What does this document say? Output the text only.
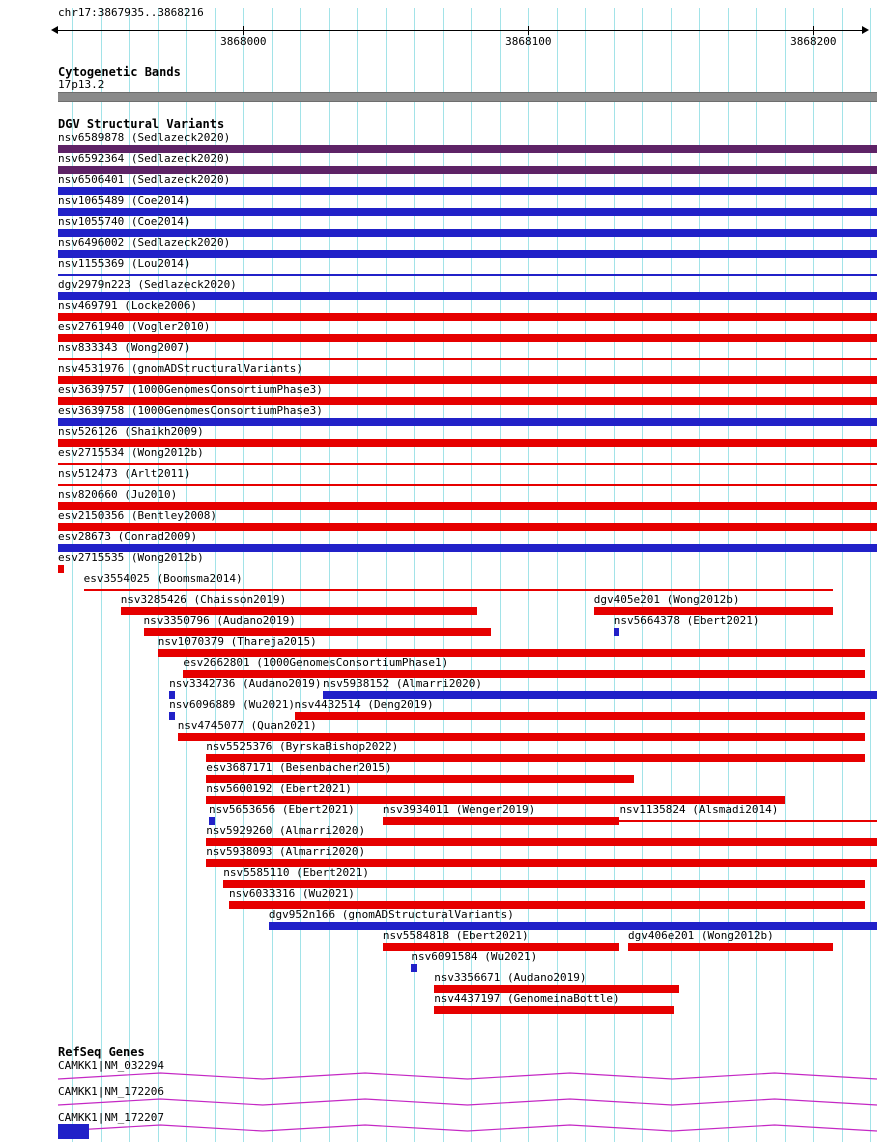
chr17:3867935..3868216
Cytogenetic Bands
17p13.2
DGV Structural Variants
RefSeq Genes
3868000	3868100	3868200
nsv6589878 (Sedlazeck2020)
nsv6592364 (Sedlazeck2020)
nsv6506401 (Sedlazeck2020)
nsv1065489 (Coe2014)
nsv1055740 (Coe2014)
nsv6496002 (Sedlazeck2020)
nsv1155369 (Lou2014)
dgv2979n223 (Sedlazeck2020)
nsv469791 (Locke2006)
esv2761940 (Vogler2010)
nsv833343 (Wong2007)
nsv4531976 (gnomADStructuralVariants)
esv3639757 (1000GenomesConsortiumPhase3)
esv3639758 (1000GenomesConsortiumPhase3)
nsv526126 (Shaikh2009)
esv2715534 (Wong2012b)
nsv512473 (Arlt2011)
nsv820660 (Ju2010)
esv2150356 (Bentley2008)
esv28673 (Conrad2009)
esv2715535 (Wong2012b)
esv3554025 (Boomsma2014)
nsv3285426 (Chaisson2019)	dgv405e201 (Wong2012b)
nsv3350796 (Audano2019)	nsv5664378 (Ebert2021)
nsv1070379 (Thareja2015)
esv2662801 (1000GenomesConsortiumPhase1)
nsv3342736 (Audano2019) nsv5938152 (Almarri2020)
nsv6096889 (Wu2021) nsv4432514 (Deng2019)
nsv4745077 (Quan2021)
nsv5525376 (ByrskaBishop2022)
esv3687171 (Besenbacher2015)
nsv5600192 (Ebert2021)
nsv5653656 (Ebert2021)	nsv3934011 (Wenger2019)	nsv1135824 (Alsmadi2014)
nsv5929260 (Almarri2020)
nsv5938093 (Almarri2020)
nsv5585110 (Ebert2021)
nsv6033316 (Wu2021)
dgv952n166 (gnomADStructuralVariants)
nsv5584818 (Ebert2021)	dgv406e201 (Wong2012b)
nsv6091584 (Wu2021)
nsv3356671 (Audano2019)
nsv4437197 (GenomeinaBottle)
CAMKK1|NM_032294
CAMKK1|NM_172206
CAMKK1|NM_172207
